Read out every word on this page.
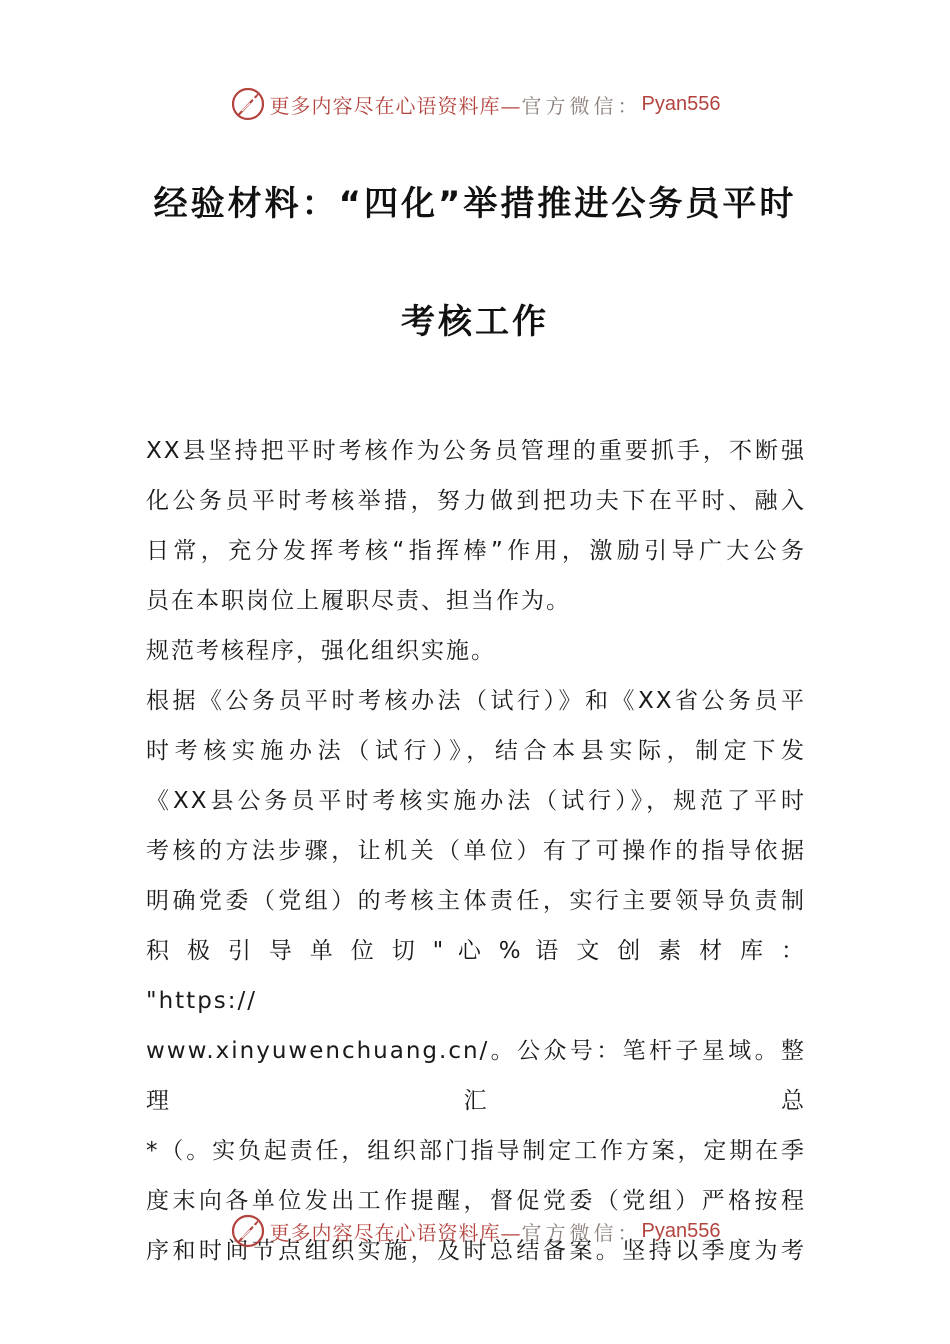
更多内容尽在心语资料库— 官方微信： Pyan556
经验材料：“四化”举措推进公务员平时
考核工作

XX县坚持把平时考核作为公务员管理的重要抓手，不断强

化公务员平时考核举措，努力做到把功夫下在平时、融入

日常，充分发挥考核“指挥棒”作用，激励引导广大公务

员在本职岗位上履职尽责、担当作为。

规范考核程序，强化组织实施。

根据《公务员平时考核办法（试行）》和《XX省公务员平

时考核实施办法（试行）》，结合本县实际，制定下发

《XX县公务员平时考核实施办法（试行）》，规范了平时

考核的方法步骤，让机关（单位）有了可操作的指导依据

明确党委（党组）的考核主体责任，实行主要领导负责制

积 极 引 导 单 位 切 " 心 % 语 文 创 素 材 库 ： "https://

www.xinyuwenchuang.cn/。公众号：笔杆子星域。整理汇总

*（。实负起责任，组织部门指导制定工作方案，定期在季

度末向各单位发出工作提醒，督促党委（党组）严格按程

序和时间节点组织实施，及时总结备案。坚持以季度为考

更多内容尽在心语资料库— 官方微信： Pyan556
